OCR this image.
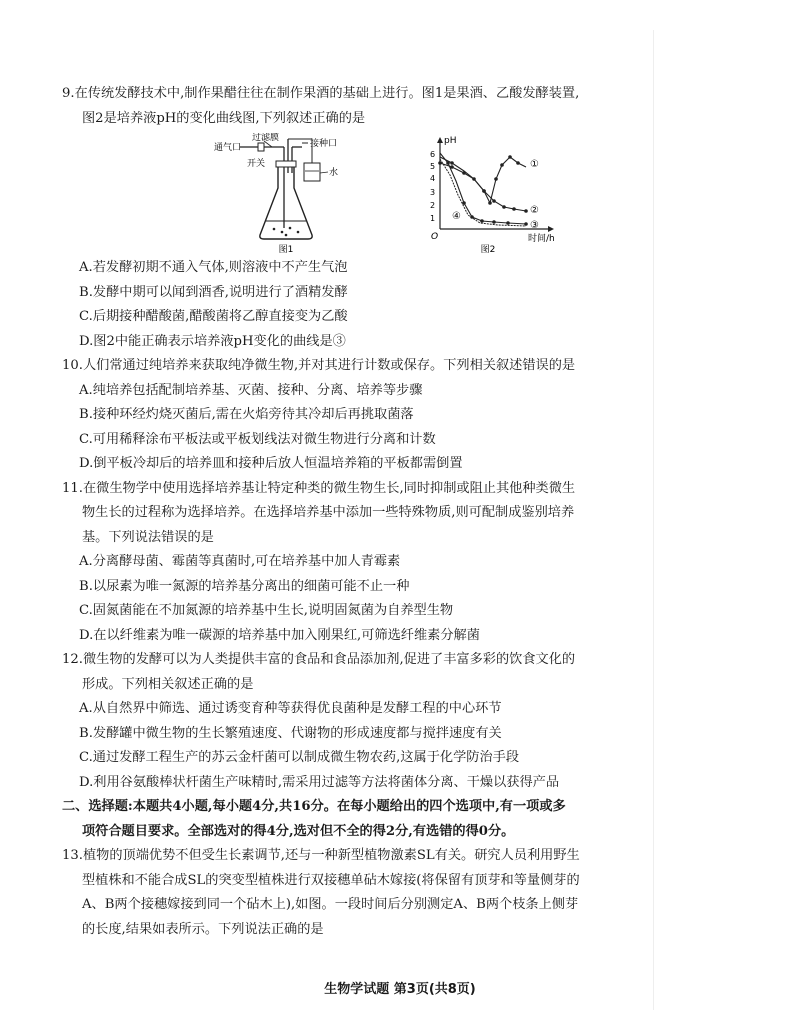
9.在传统发酵技术中,制作果醋往往在制作果酒的基础上进行。图1是果酒、乙酸发酵装置,
图2是培养液pH的变化曲线图,下列叙述正确的是
通气口
过滤膜
接种口
开关
水
图1
pH
时间/h
O
6
5
4
3
2
1
①
②
③
④
图2
A.若发酵初期不通入气体,则溶液中不产生气泡
B.发酵中期可以闻到酒香,说明进行了酒精发酵
C.后期接种醋酸菌,醋酸菌将乙醇直接变为乙酸
D.图2中能正确表示培养液pH变化的曲线是③
10.人们常通过纯培养来获取纯净微生物,并对其进行计数或保存。下列相关叙述错误的是
A.纯培养包括配制培养基、灭菌、接种、分离、培养等步骤
B.接种环经灼烧灭菌后,需在火焰旁待其冷却后再挑取菌落
C.可用稀释涂布平板法或平板划线法对微生物进行分离和计数
D.倒平板冷却后的培养皿和接种后放人恒温培养箱的平板都需倒置
11.在微生物学中使用选择培养基让特定种类的微生物生长,同时抑制或阻止其他种类微生
物生长的过程称为选择培养。在选择培养基中添加一些特殊物质,则可配制成鉴别培养
基。下列说法错误的是
A.分离酵母菌、霉菌等真菌时,可在培养基中加人青霉素
B.以尿素为唯一氮源的培养基分离出的细菌可能不止一种
C.固氮菌能在不加氮源的培养基中生长,说明固氮菌为自养型生物
D.在以纤维素为唯一碳源的培养基中加入刚果红,可筛选纤维素分解菌
12.微生物的发酵可以为人类提供丰富的食品和食品添加剂,促进了丰富多彩的饮食文化的
形成。下列相关叙述正确的是
A.从自然界中筛选、通过诱变育种等获得优良菌种是发酵工程的中心环节
B.发酵罐中微生物的生长繁殖速度、代谢物的形成速度都与搅拌速度有关
C.通过发酵工程生产的苏云金杆菌可以制成微生物农药,这属于化学防治手段
D.利用谷氨酸棒状杆菌生产味精时,需采用过滤等方法将菌体分离、干燥以获得产品
二、选择题:本题共4小题,每小题4分,共16分。在每小题给出的四个选项中,有一项或多
项符合题目要求。全部选对的得4分,选对但不全的得2分,有选错的得0分。
13.植物的顶端优势不但受生长素调节,还与一种新型植物激素SL有关。研究人员利用野生
型植株和不能合成SL的突变型植株进行双接穗单砧木嫁接(将保留有顶芽和等量侧芽的
A、B两个接穗嫁接到同一个砧木上),如图。一段时间后分别测定A、B两个枝条上侧芽
的长度,结果如表所示。下列说法正确的是
生物学试题 第3页(共8页)
